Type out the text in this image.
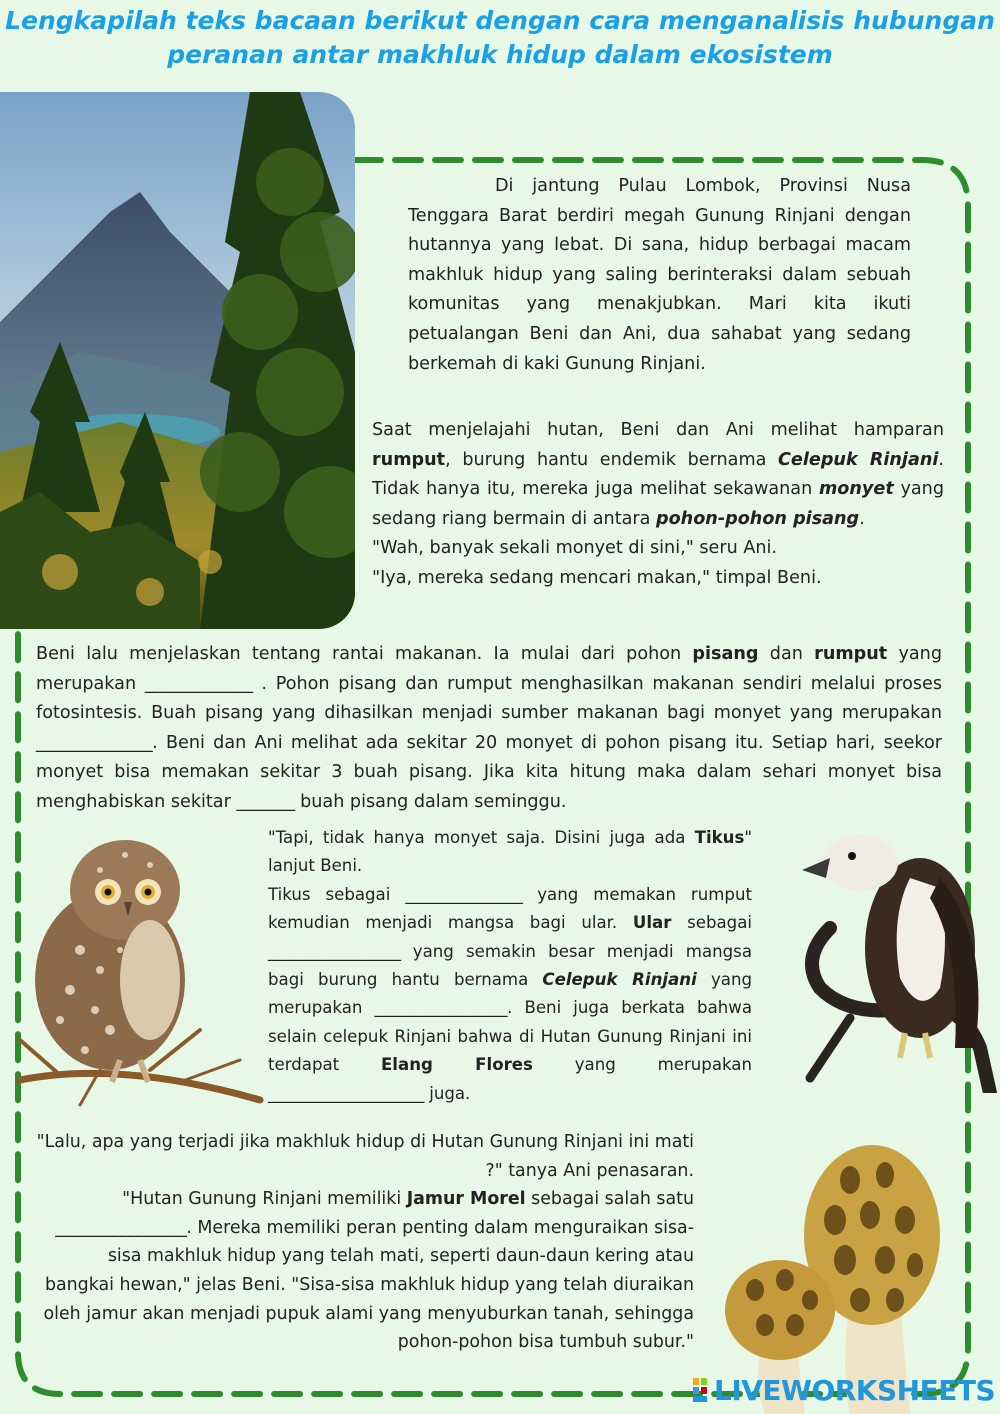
Lengkapilah teks bacaan berikut dengan cara menganalisis hubungan
peranan antar makhluk hidup dalam ekosistem

Di jantung Pulau Lombok, Provinsi Nusa Tenggara Barat berdiri megah Gunung Rinjani dengan hutannya yang lebat. Di sana, hidup berbagai macam makhluk hidup yang saling berinteraksi dalam sebuah komunitas yang menakjubkan. Mari kita ikuti petualangan Beni dan Ani, dua sahabat yang sedang berkemah di kaki Gunung Rinjani.

Saat menjelajahi hutan, Beni dan Ani melihat hamparan rumput, burung hantu endemik bernama Celepuk Rinjani. Tidak hanya itu, mereka juga melihat sekawanan monyet yang sedang riang bermain di antara pohon-pohon pisang.
"Wah, banyak sekali monyet di sini," seru Ani.
"Iya, mereka sedang mencari makan," timpal Beni.

Beni lalu menjelaskan tentang rantai makanan. Ia mulai dari pohon pisang dan rumput yang merupakan _____________ . Pohon pisang dan rumput menghasilkan makanan sendiri melalui proses fotosintesis. Buah pisang yang dihasilkan menjadi sumber makanan bagi monyet yang merupakan ______________. Beni dan Ani melihat ada sekitar 20 monyet di pohon pisang itu. Setiap hari, seekor monyet bisa memakan sekitar 3 buah pisang. Jika kita hitung maka dalam sehari monyet bisa menghabiskan sekitar _______ buah pisang dalam seminggu.

"Tapi, tidak hanya monyet saja. Disini juga ada Tikus" lanjut Beni.
Tikus sebagai _______________ yang memakan rumput kemudian menjadi mangsa bagi ular. Ular sebagai _________________ yang semakin besar menjadi mangsa bagi burung hantu bernama Celepuk Rinjani yang merupakan _________________. Beni juga berkata bahwa selain celepuk Rinjani bahwa di Hutan Gunung Rinjani ini terdapat Elang Flores yang merupakan ____________________ juga.

"Lalu, apa yang terjadi jika makhluk hidup di Hutan Gunung Rinjani ini mati ?" tanya Ani penasaran.
"Hutan Gunung Rinjani memiliki Jamur Morel sebagai salah satu
________________. Mereka memiliki peran penting dalam menguraikan sisa-sisa makhluk hidup yang telah mati, seperti daun-daun kering atau bangkai hewan," jelas Beni. "Sisa-sisa makhluk hidup yang telah diuraikan oleh jamur akan menjadi pupuk alami yang menyuburkan tanah, sehingga pohon-pohon bisa tumbuh subur."

LIVEWORKSHEETS
